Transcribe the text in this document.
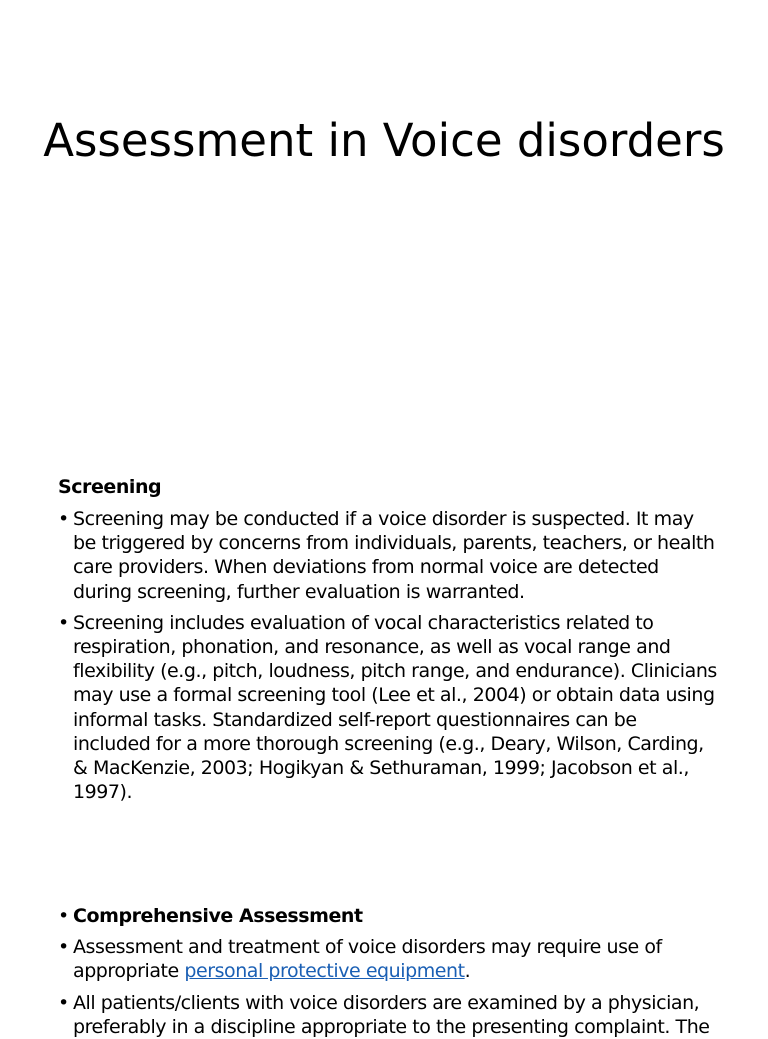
Assessment in Voice disorders

Screening

• Screening may be conducted if a voice disorder is suspected. It may be triggered by concerns from individuals, parents, teachers, or health care providers. When deviations from normal voice are detected during screening, further evaluation is warranted.
• Screening includes evaluation of vocal characteristics related to respiration, phonation, and resonance, as well as vocal range and flexibility (e.g., pitch, loudness, pitch range, and endurance). Clinicians may use a formal screening tool (Lee et al., 2004) or obtain data using informal tasks. Standardized self-report questionnaires can be included for a more thorough screening (e.g., Deary, Wilson, Carding, & MacKenzie, 2003; Hogikyan & Sethuraman, 1999; Jacobson et al., 1997).
• Comprehensive Assessment
• Assessment and treatment of voice disorders may require use of appropriate personal protective equipment.
• All patients/clients with voice disorders are examined by a physician, preferably in a discipline appropriate to the presenting complaint. The
